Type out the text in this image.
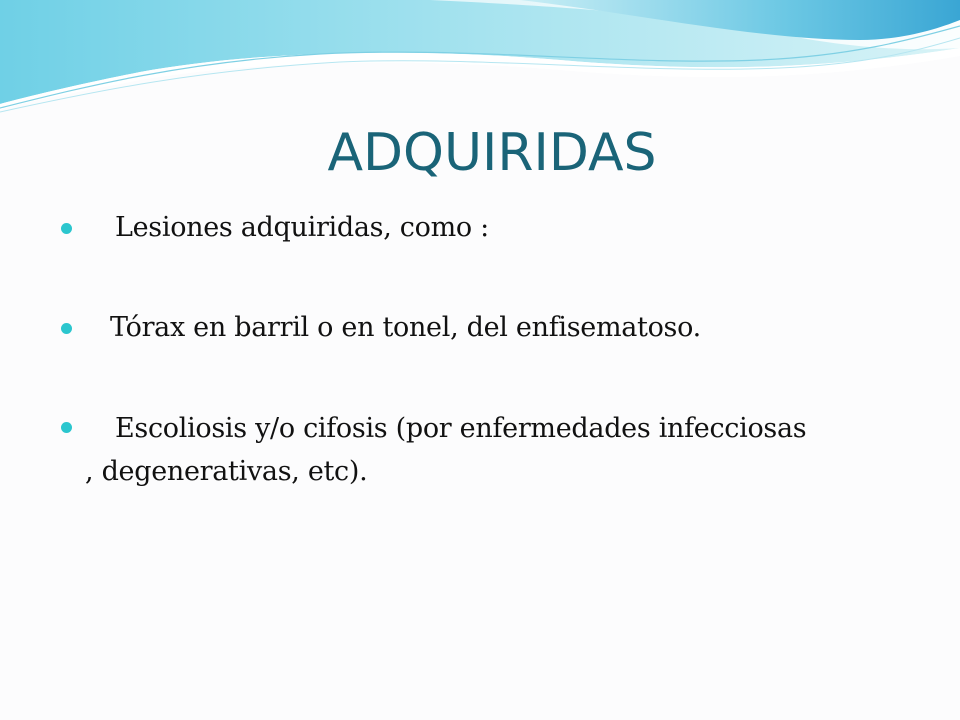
ADQUIRIDAS
Lesiones adquiridas, como :
Tórax en barril o en tonel, del enfisematoso.
Escoliosis y/o cifosis (por enfermedades infecciosas
, degenerativas, etc).
